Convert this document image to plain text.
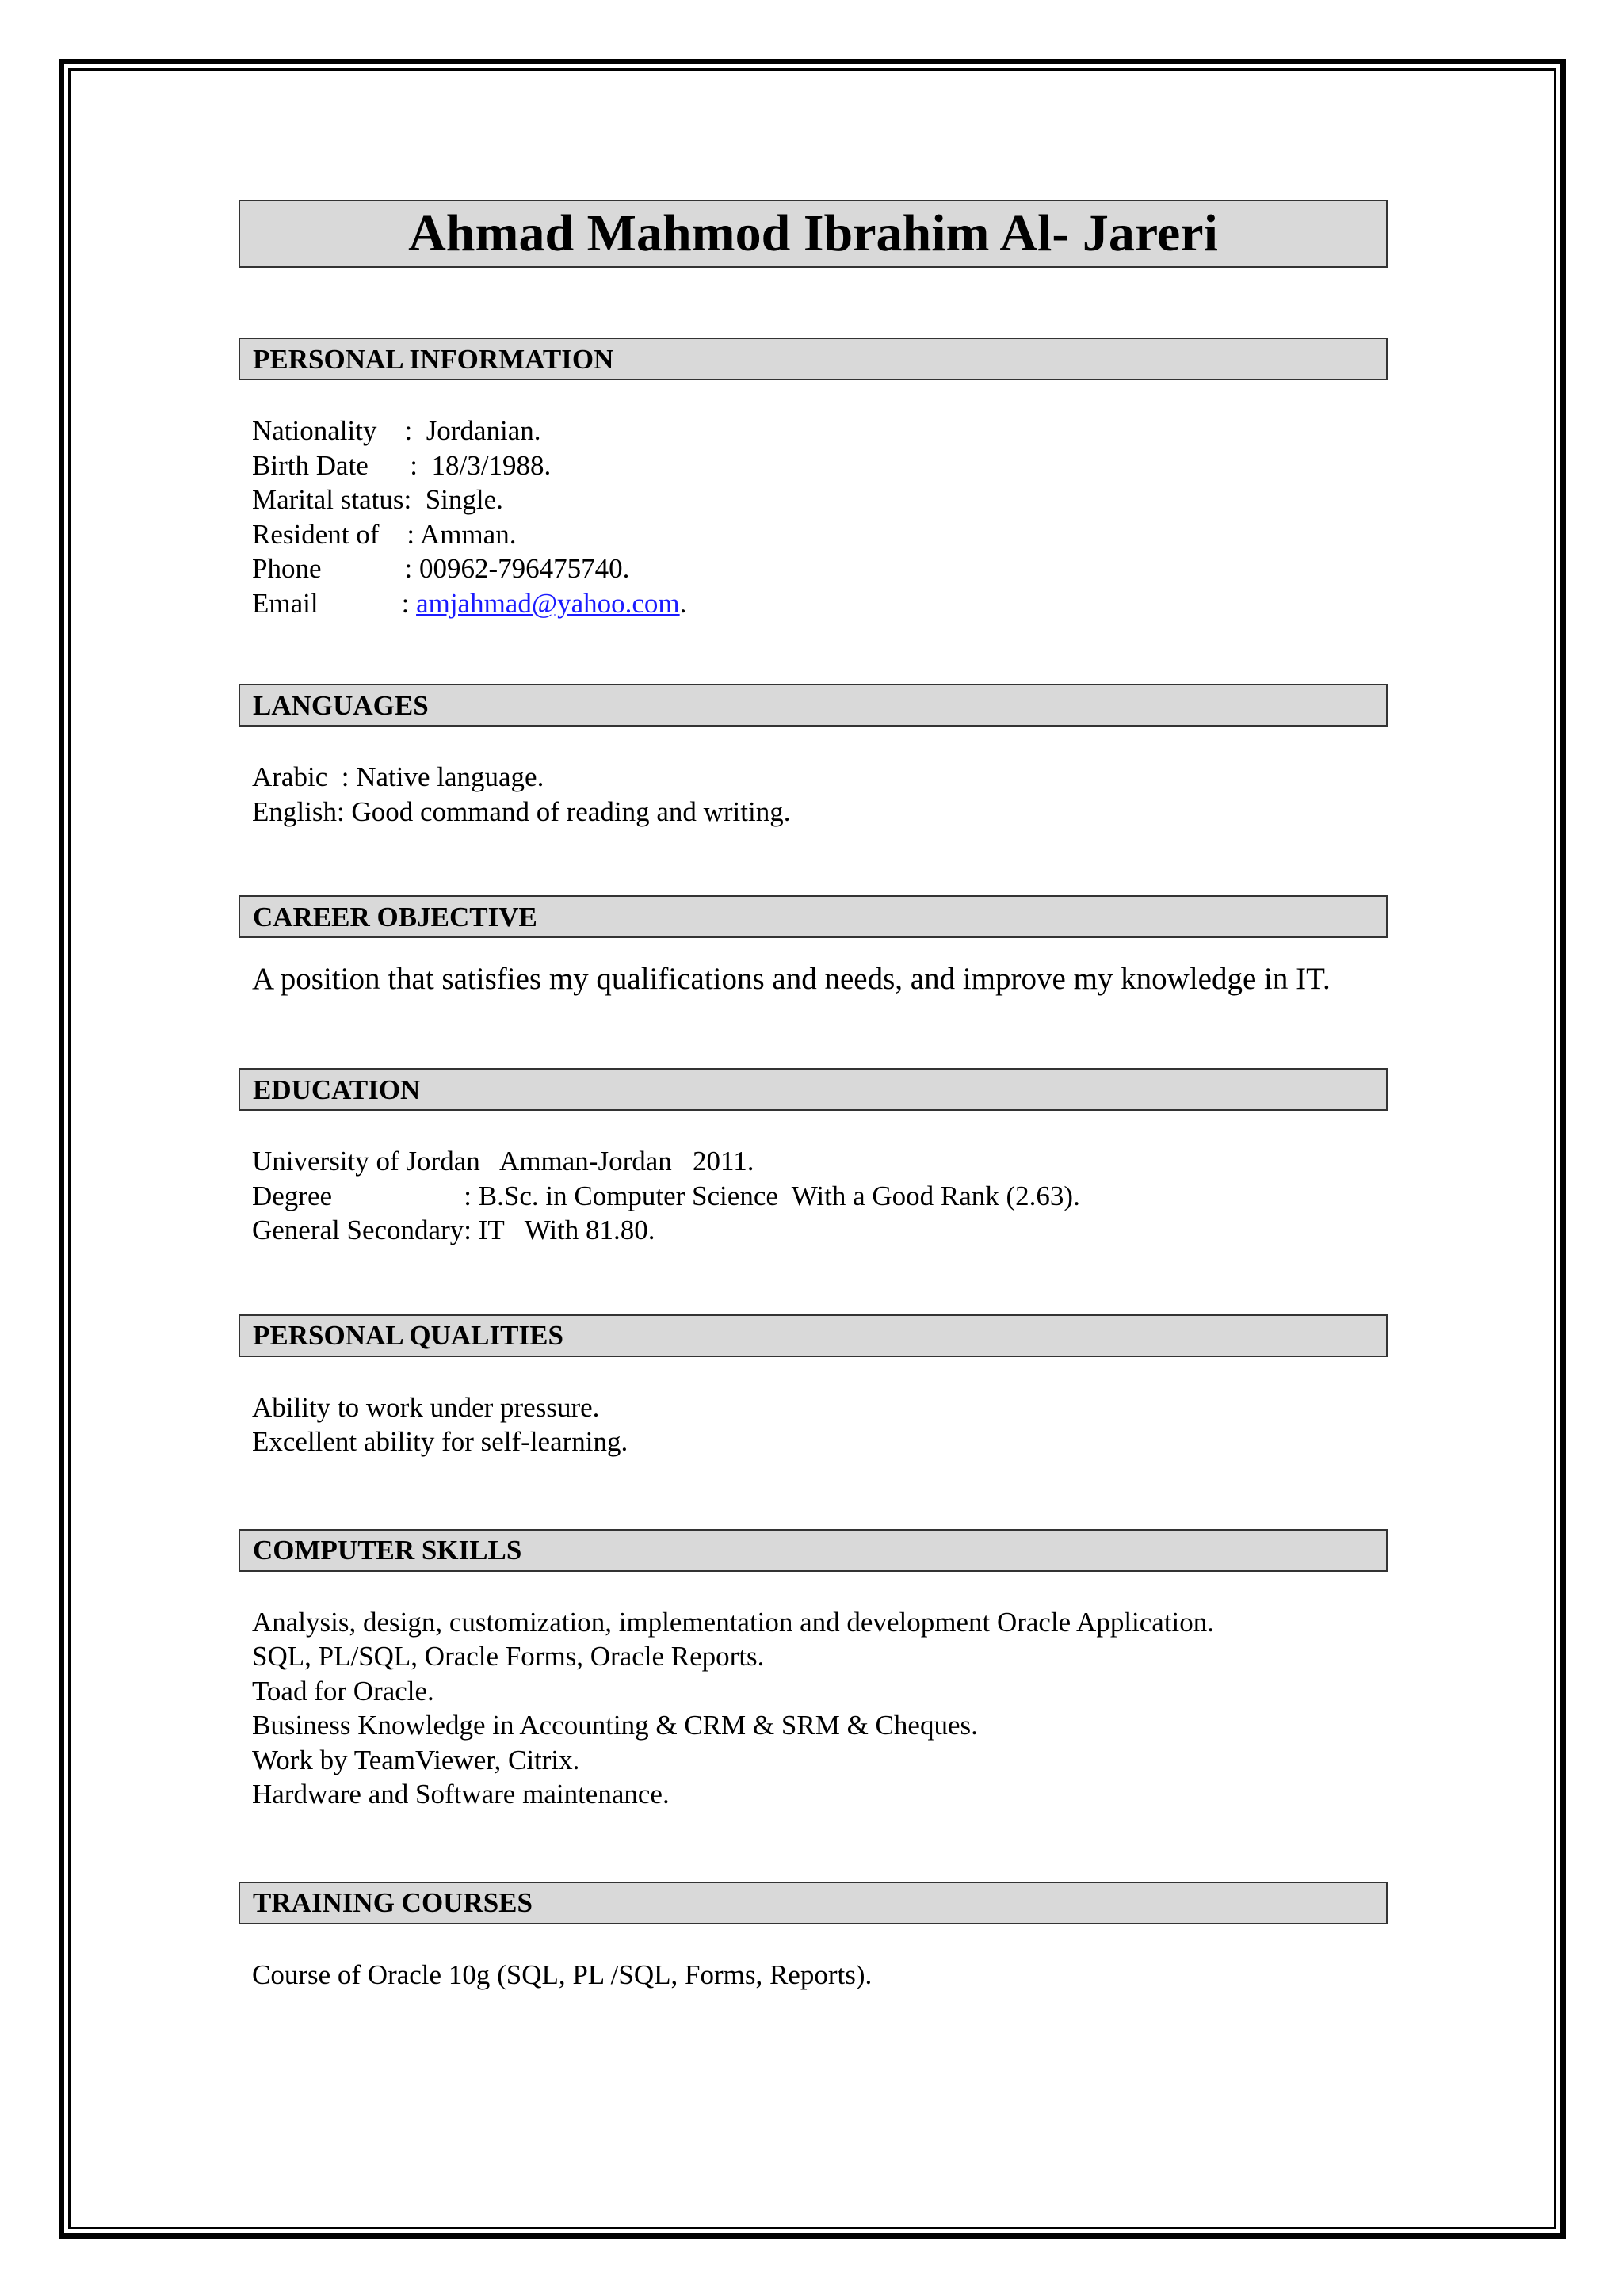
Ahmad Mahmod Ibrahim Al- Jareri
PERSONAL INFORMATION
Nationality    :  Jordanian.
Birth Date      :  18/3/1988.
Marital status:  Single.
Resident of    : Amman.
Phone            : 00962-796475740.
Email            : amjahmad@yahoo.com.
LANGUAGES
Arabic  : Native language.
English: Good command of reading and writing.
CAREER OBJECTIVE
A position that satisfies my qualifications and needs, and improve my knowledge in IT.
EDUCATION
University of Jordan   Amman-Jordan   2011.
Degree                   : B.Sc. in Computer Science  With a Good Rank (2.63).
General Secondary: IT   With 81.80.
PERSONAL QUALITIES
Ability to work under pressure.
Excellent ability for self-learning.
COMPUTER SKILLS
Analysis, design, customization, implementation and development Oracle Application.
SQL, PL/SQL, Oracle Forms, Oracle Reports.
Toad for Oracle.
Business Knowledge in Accounting & CRM & SRM & Cheques.
Work by TeamViewer, Citrix.
Hardware and Software maintenance.
TRAINING COURSES
Course of Oracle 10g (SQL, PL /SQL, Forms, Reports).
